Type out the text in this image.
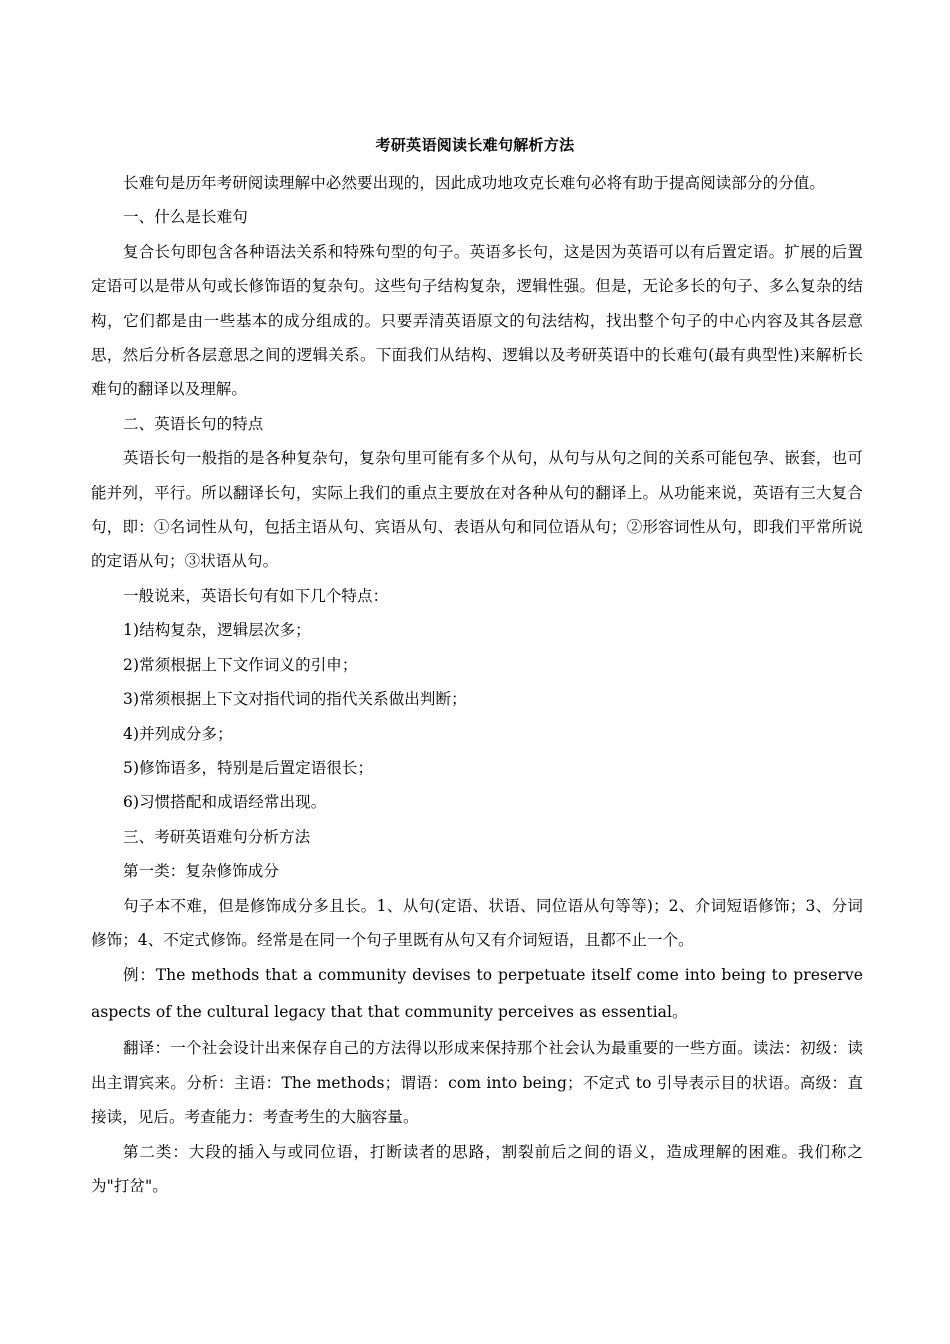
考研英语阅读长难句解析方法

长难句是历年考研阅读理解中必然要出现的，因此成功地攻克长难句必将有助于提高阅读部分的分值。

一、什么是长难句

复合长句即包含各种语法关系和特殊句型的句子。英语多长句，这是因为英语可以有后置定语。扩展的后置定语可以是带从句或长修饰语的复杂句。这些句子结构复杂，逻辑性强。但是，无论多长的句子、多么复杂的结构，它们都是由一些基本的成分组成的。只要弄清英语原文的句法结构，找出整个句子的中心内容及其各层意思，然后分析各层意思之间的逻辑关系。下面我们从结构、逻辑以及考研英语中的长难句(最有典型性)来解析长难句的翻译以及理解。

二、英语长句的特点

英语长句一般指的是各种复杂句，复杂句里可能有多个从句，从句与从句之间的关系可能包孕、嵌套，也可能并列，平行。所以翻译长句，实际上我们的重点主要放在对各种从句的翻译上。从功能来说，英语有三大复合句，即：①名词性从句，包括主语从句、宾语从句、表语从句和同位语从句；②形容词性从句，即我们平常所说的定语从句；③状语从句。

一般说来，英语长句有如下几个特点：

1)结构复杂，逻辑层次多；

2)常须根据上下文作词义的引申；

3)常须根据上下文对指代词的指代关系做出判断；

4)并列成分多；

5)修饰语多，特别是后置定语很长；

6)习惯搭配和成语经常出现。

三、考研英语难句分析方法

第一类：复杂修饰成分

句子本不难，但是修饰成分多且长。1、从句(定语、状语、同位语从句等等)；2、介词短语修饰；3、分词修饰；4、不定式修饰。经常是在同一个句子里既有从句又有介词短语，且都不止一个。

例：The methods that a community devises to perpetuate itself come into being to preserve aspects of the cultural legacy that that community perceives as essential。

翻译：一个社会设计出来保存自己的方法得以形成来保持那个社会认为最重要的一些方面。读法：初级：读出主谓宾来。分析：主语：The methods；谓语：com into being；不定式 to 引导表示目的状语。高级：直接读，见后。考查能力：考查考生的大脑容量。

第二类：大段的插入与或同位语，打断读者的思路，割裂前后之间的语义，造成理解的困难。我们称之为"打岔"。
